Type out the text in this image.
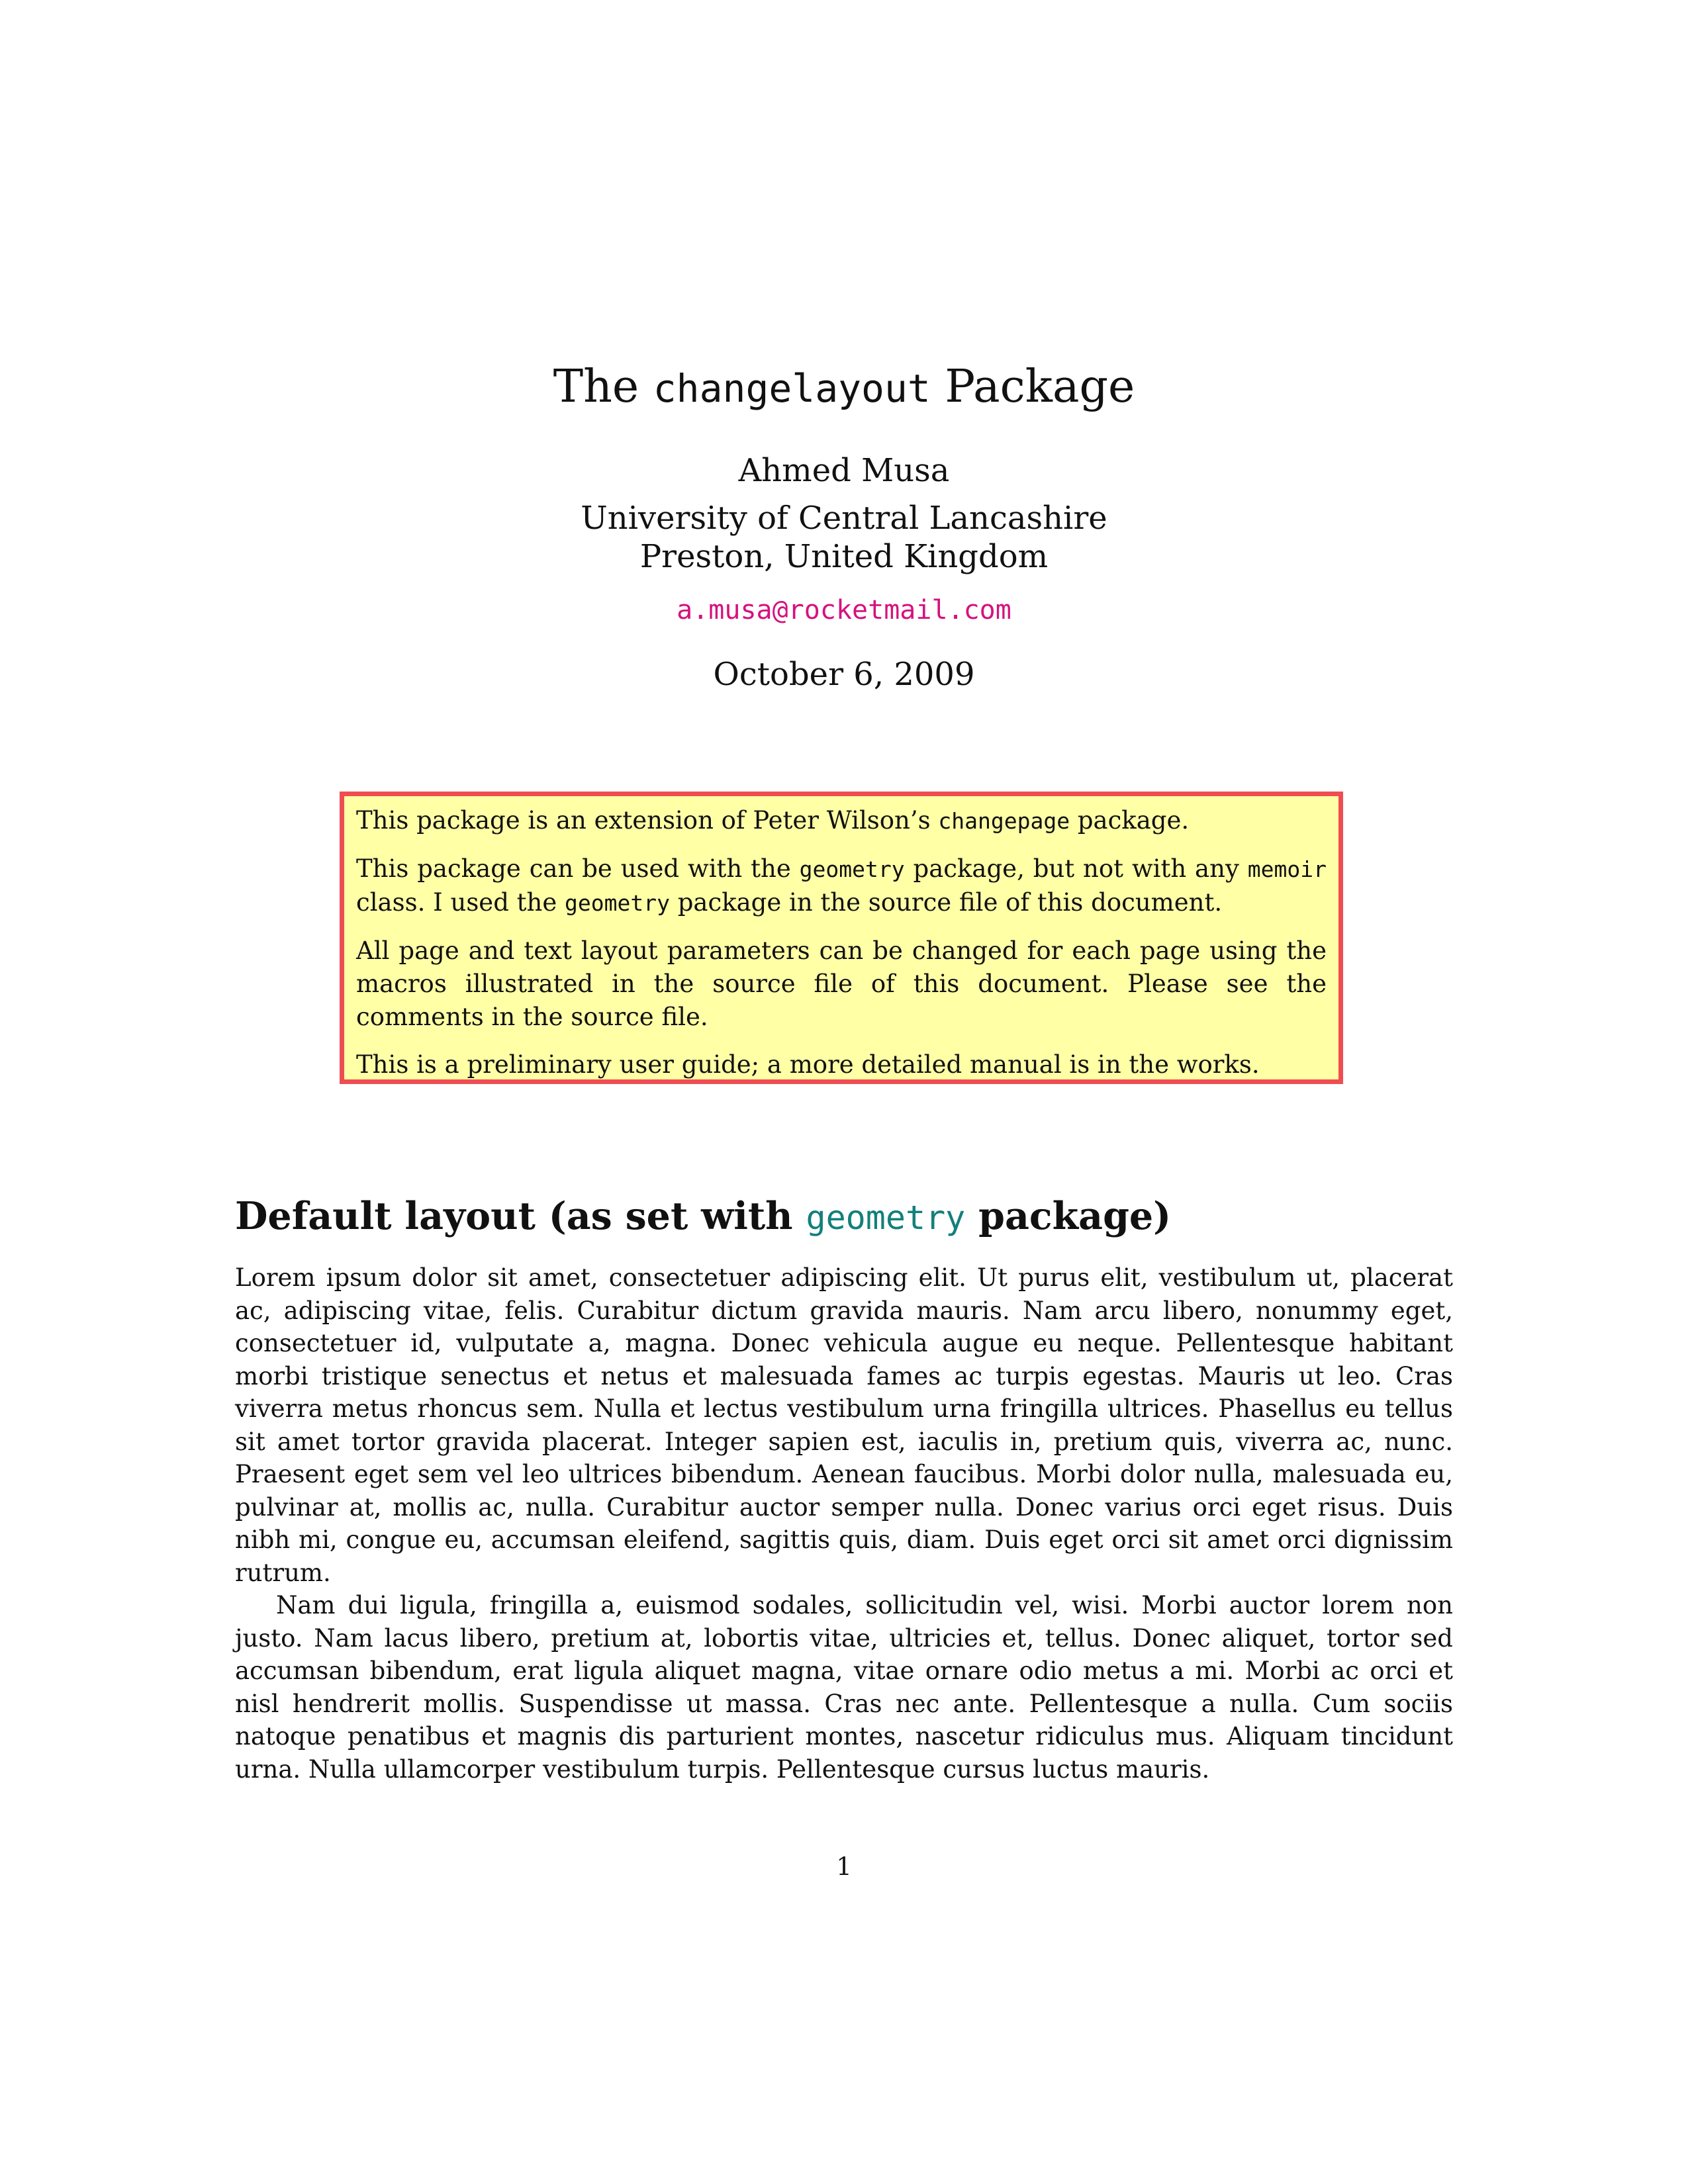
The changelayout Package
Ahmed Musa
University of Central Lancashire
Preston, United Kingdom
a.musa@rocketmail.com
October 6, 2009

This package is an extension of Peter Wilson’s changepage package.

This package can be used with the geometry package, but not with any memoir class. I used the geometry package in the source file of this document.

All page and text layout parameters can be changed for each page using the macros illustrated in the source file of this document. Please see the comments in the source file.

This is a preliminary user guide; a more detailed manual is in the works.

Default layout (as set with geometry package)

Lorem ipsum dolor sit amet, consectetuer adipiscing elit. Ut purus elit, vestibulum ut, placerat ac, adipiscing vitae, felis. Curabitur dictum gravida mauris. Nam arcu libero, nonummy eget, consectetuer id, vulputate a, magna. Donec vehicula augue eu neque. Pellentesque habitant morbi tristique senectus et netus et malesuada fames ac turpis egestas. Mauris ut leo. Cras viverra metus rhoncus sem. Nulla et lectus vestibulum urna fringilla ultrices. Phasellus eu tellus sit amet tortor gravida placerat. Integer sapien est, iaculis in, pretium quis, viverra ac, nunc. Praesent eget sem vel leo ultrices bibendum. Aenean faucibus. Morbi dolor nulla, malesuada eu, pulvinar at, mollis ac, nulla. Curabitur auctor semper nulla. Donec varius orci eget risus. Duis nibh mi, congue eu, accumsan eleifend, sagittis quis, diam. Duis eget orci sit amet orci dignissim rutrum.

Nam dui ligula, fringilla a, euismod sodales, sollicitudin vel, wisi. Morbi auctor lorem non justo. Nam lacus libero, pretium at, lobortis vitae, ultricies et, tellus. Donec aliquet, tortor sed accumsan bibendum, erat ligula aliquet magna, vitae ornare odio metus a mi. Morbi ac orci et nisl hendrerit mollis. Suspendisse ut massa. Cras nec ante. Pellentesque a nulla. Cum sociis natoque penatibus et magnis dis parturient montes, nascetur ridiculus mus. Aliquam tincidunt urna. Nulla ullamcorper vestibulum turpis. Pellentesque cursus luctus mauris.

1
